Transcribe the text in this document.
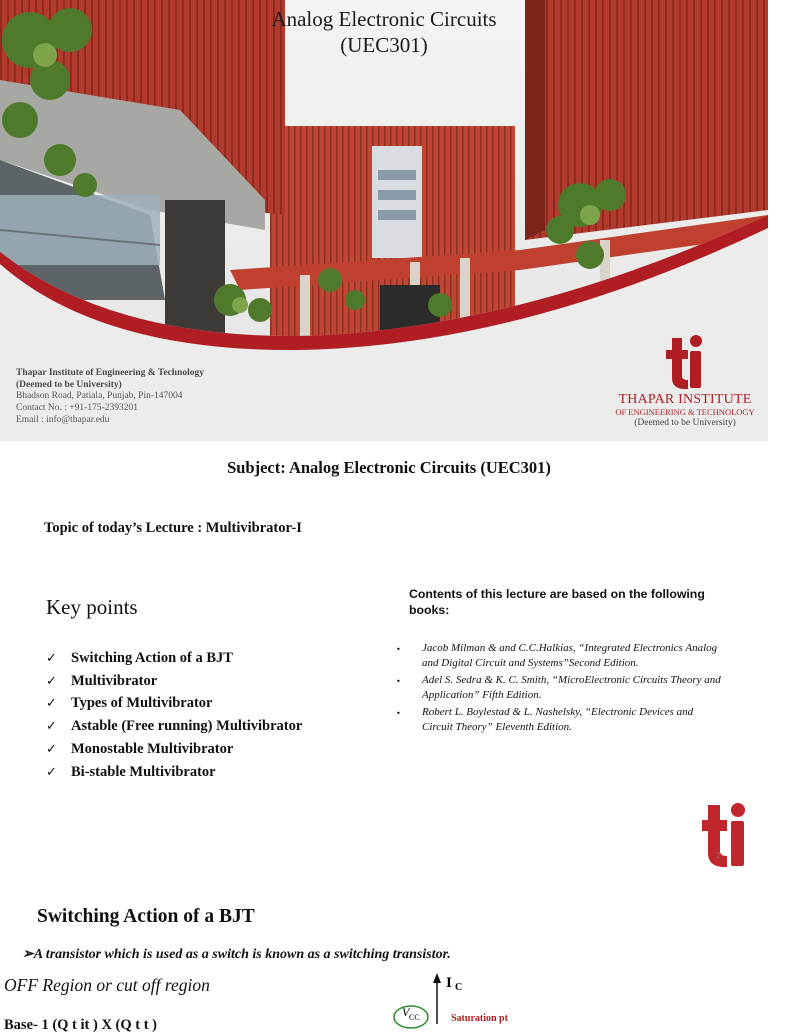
Analog Electronic Circuits
(UEC301)
Thapar Institute of Engineering & Technology
(Deemed to be University)
Bhadson Road, Patiala, Punjab, Pin-147004
Contact No. : +91-175-2393201
Email : info@thapar.edu
THAPAR INSTITUTE
OF ENGINEERING & TECHNOLOGY
(Deemed to be University)
Subject: Analog Electronic Circuits (UEC301)
Topic of today’s Lecture : Multivibrator-I
Key points
✓ Switching Action of a BJT
✓ Multivibrator
✓ Types of Multivibrator
✓ Astable (Free running) Multivibrator
✓ Monostable Multivibrator
✓ Bi-stable Multivibrator
Contents of this lecture are based on the following books:
•	Jacob Milman & and C.C.Halkias, “Integrated Electronics Analog and Digital Circuit and Systems”Second Edition.
•	Adel S. Sedra & K. C. Smith, “MicroElectronic Circuits Theory and Application” Fifth Edition.
•	Robert L. Boylestad & L. Nashelsky, “Electronic Devices and Circuit Theory” Eleventh Edition.
2
Switching Action of a BJT
➢A transistor which is used as a switch is known as a switching transistor.
OFF Region or cut off region
Base- 1 (Q t it ) X (Q t t )
I C
V CC	Saturation pt
